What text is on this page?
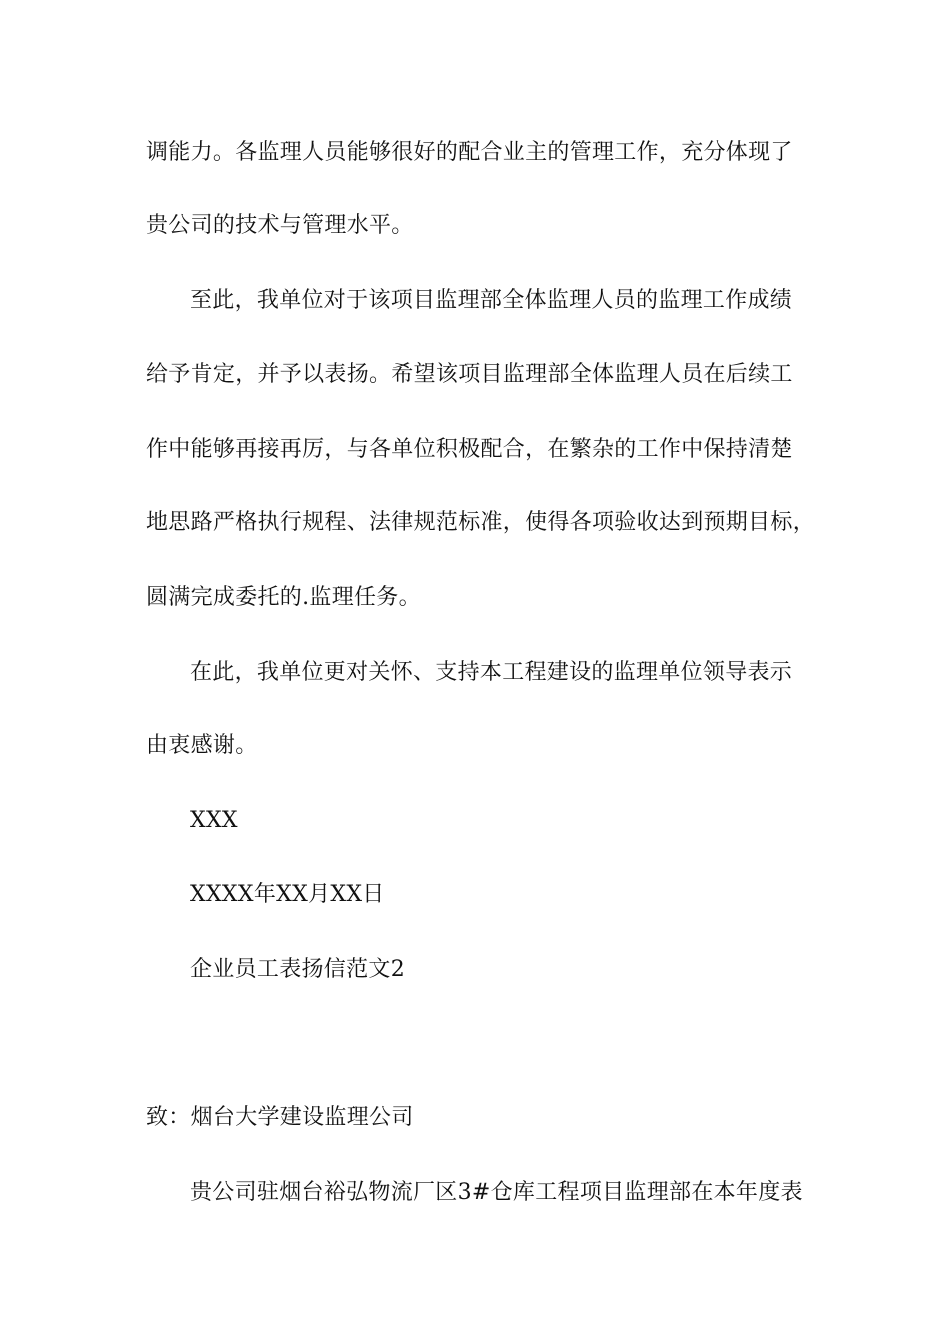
调能力。各监理人员能够很好的配合业主的管理工作，充分体现了
贵公司的技术与管理水平。
至此，我单位对于该项目监理部全体监理人员的监理工作成绩
给予肯定，并予以表扬。希望该项目监理部全体监理人员在后续工
作中能够再接再厉，与各单位积极配合，在繁杂的工作中保持清楚
地思路严格执行规程、法律规范标准，使得各项验收达到预期目标，
圆满完成委托的.监理任务。
在此，我单位更对关怀、支持本工程建设的监理单位领导表示
由衷感谢。
XXX
XXXX年XX月XX日
企业员工表扬信范文2
致：烟台大学建设监理公司
贵公司驻烟台裕弘物流厂区3#仓库工程项目监理部在本年度表
